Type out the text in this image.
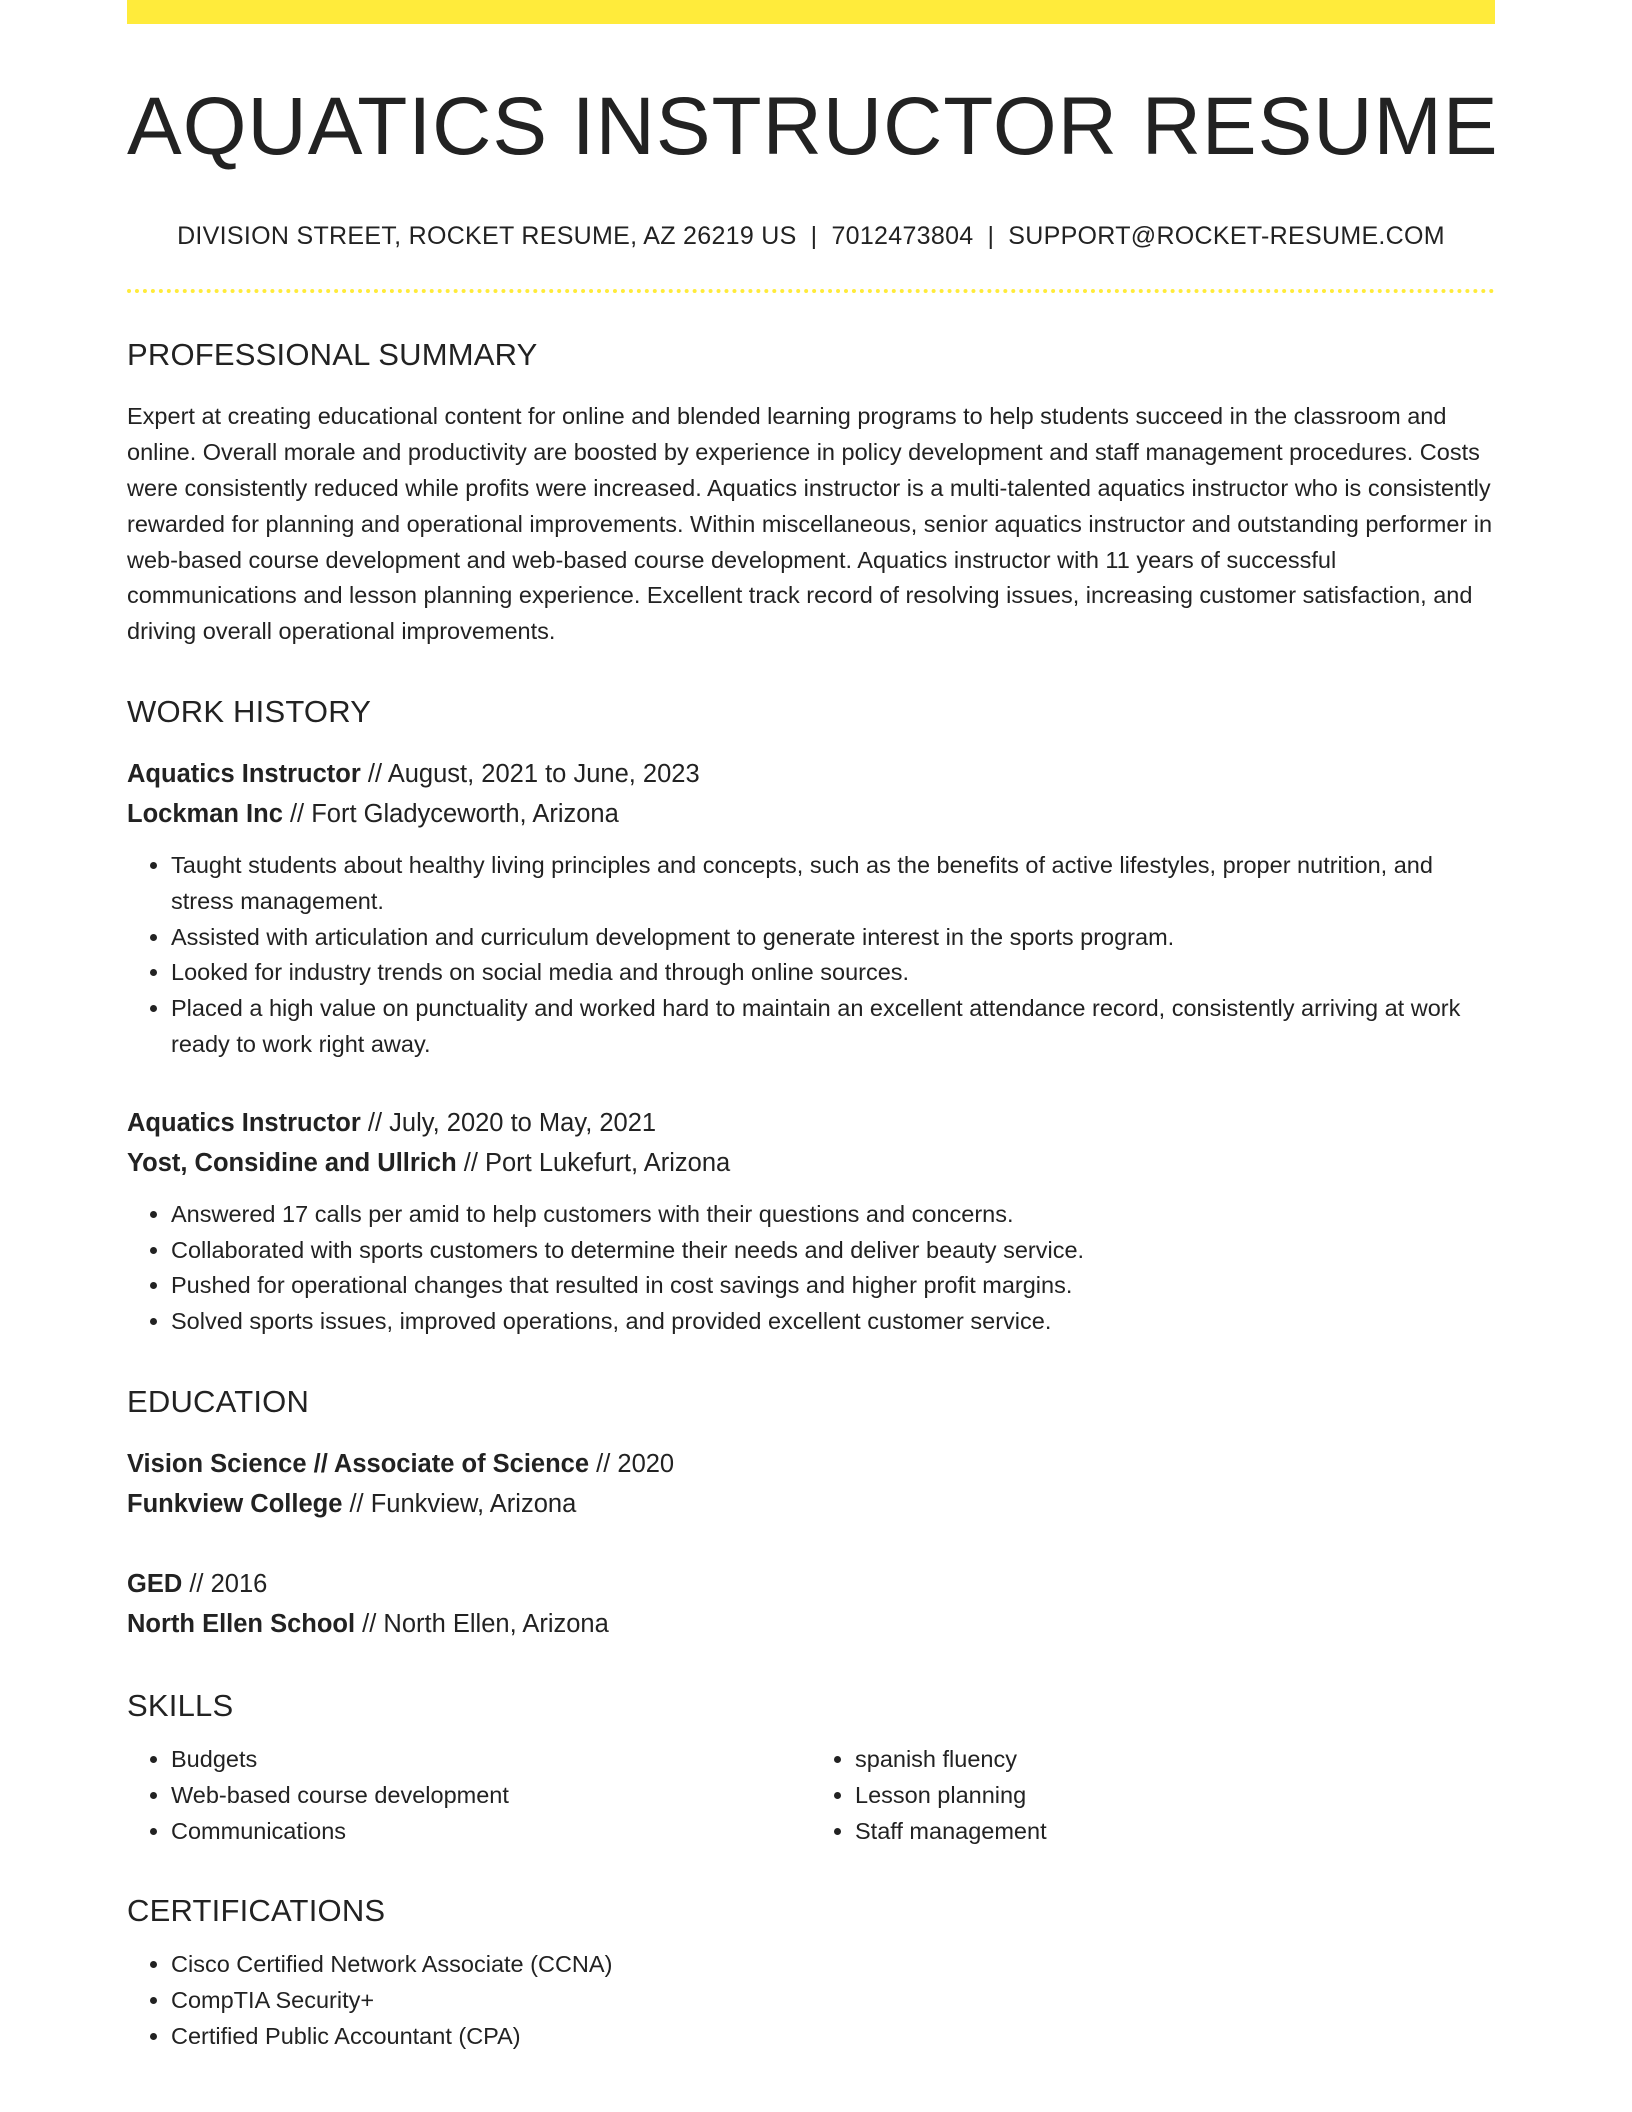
AQUATICS INSTRUCTOR RESUME
DIVISION STREET, ROCKET RESUME, AZ 26219 US | 7012473804 | SUPPORT@ROCKET-RESUME.COM
PROFESSIONAL SUMMARY

Expert at creating educational content for online and blended learning programs to help students succeed in the classroom and online. Overall morale and productivity are boosted by experience in policy development and staff management procedures. Costs were consistently reduced while profits were increased. Aquatics instructor is a multi-talented aquatics instructor who is consistently rewarded for planning and operational improvements. Within miscellaneous, senior aquatics instructor and outstanding performer in web-based course development and web-based course development. Aquatics instructor with 11 years of successful communications and lesson planning experience. Excellent track record of resolving issues, increasing customer satisfaction, and driving overall operational improvements.

WORK HISTORY
Aquatics Instructor // August, 2021 to June, 2023
Lockman Inc // Fort Gladyceworth, Arizona
• Taught students about healthy living principles and concepts, such as the benefits of active lifestyles, proper nutrition, and stress management.
• Assisted with articulation and curriculum development to generate interest in the sports program.
• Looked for industry trends on social media and through online sources.
• Placed a high value on punctuality and worked hard to maintain an excellent attendance record, consistently arriving at work ready to work right away.
Aquatics Instructor // July, 2020 to May, 2021
Yost, Considine and Ullrich // Port Lukefurt, Arizona
• Answered 17 calls per amid to help customers with their questions and concerns.
• Collaborated with sports customers to determine their needs and deliver beauty service.
• Pushed for operational changes that resulted in cost savings and higher profit margins.
• Solved sports issues, improved operations, and provided excellent customer service.
EDUCATION
Vision Science // Associate of Science // 2020
Funkview College // Funkview, Arizona
GED // 2016
North Ellen School // North Ellen, Arizona
SKILLS
• Budgets
• Web-based course development
• Communications
• spanish fluency
• Lesson planning
• Staff management
CERTIFICATIONS
• Cisco Certified Network Associate (CCNA)
• CompTIA Security+
• Certified Public Accountant (CPA)
